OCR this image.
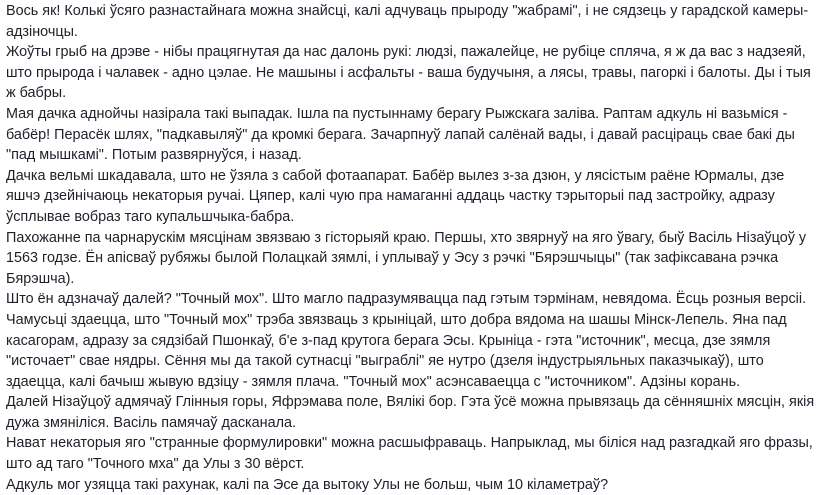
Вось як! Колькі ўсяго разнастайнага можна знайсці, калі адчуваць прыроду "жабрамі", і не сядзець у гарадской камеры-адзіночцы.

Жоўты грыб на дрэве - нібы працягнутая да нас далонь рукі: людзі, пажалейце, не рубіце спляча, я ж да вас з надзеяй, што прырода і чалавек - адно цэлае. Не машыны і асфальты - ваша будучыня, а лясы, травы, пагоркі і балоты. Ды і тыя ж бабры.

Мая дачка аднойчы назірала такі выпадак. Ішла па пустыннаму берагу Рыжскага заліва. Раптам адкуль ні вазьміся - бабёр! Перасёк шлях, "падкавыляў" да кромкі берага. Зачарпнуў лапай салёнай вады, і давай расціраць свае бакі ды "пад мышкамі". Потым развярнуўся, і назад.

Дачка вельмі шкадавала, што не ўзяла з сабой фотаапарат. Бабёр вылез з-за дзюн, у лясістым раёне Юрмалы, дзе яшчэ дзейнічаюць некаторыя ручаі. Цяпер, калі чую пра намаганні аддаць частку тэрыторыі пад застройку, адразу ўсплывае вобраз таго купальшчыка-бабра.

Пахожанне па чарнарускім мясцінам звязваю з гісторыяй краю. Першы, хто звярнуў на яго ўвагу, быў Васіль Нізаўцоў у 1563 годзе. Ён апісваў рубяжы былой Полацкай зямлі, і уплываў у Эсу з рэчкі "Бярэшчыцы" (так зафіксавана рэчка Бярэшча).

Што ён адзначаў далей? "Точный мох". Што магло падразумявацца пад гэтым тэрмінам, невядома. Ёсць розныя версіі.

Чамусьці здаецца, што "Точный мох" трэба звязваць з крыніцай, што добра вядома на шашы Мінск-Лепель. Яна пад касагорам, адразу за сядзібай Пшонкаў, б'е з-пад крутога берага Эсы. Крыніца - гэта "источник", месца, дзе зямля "источает" свае нядры. Сёння мы да такой сутнасці "выграблі" яе нутро (дзеля індустрыяльных паказчыкаў), што здаецца, калі бачыш жывую вдзіцу - зямля плача. "Точный мох" асэнсаваецца с "источником". Адзіны корань.

Далей Нізаўцоў адмячаў Глінныя горы, Яфрэмава поле, Вялікі бор. Гэта ўсё можна прывязаць да сённяшніх мясцін, якія дужа змяніліся. Васіль памячаў дасканала.

Нават некаторыя яго "странные формулировки" можна расшыфраваць. Напрыклад, мы біліся над разгадкай яго фразы, што ад таго "Точного мха" да Улы з 30 вёрст.

Адкуль мог узяцца такі рахунак, калі па Эсе да вытоку Улы не больш, чым 10 кіламетраў?
